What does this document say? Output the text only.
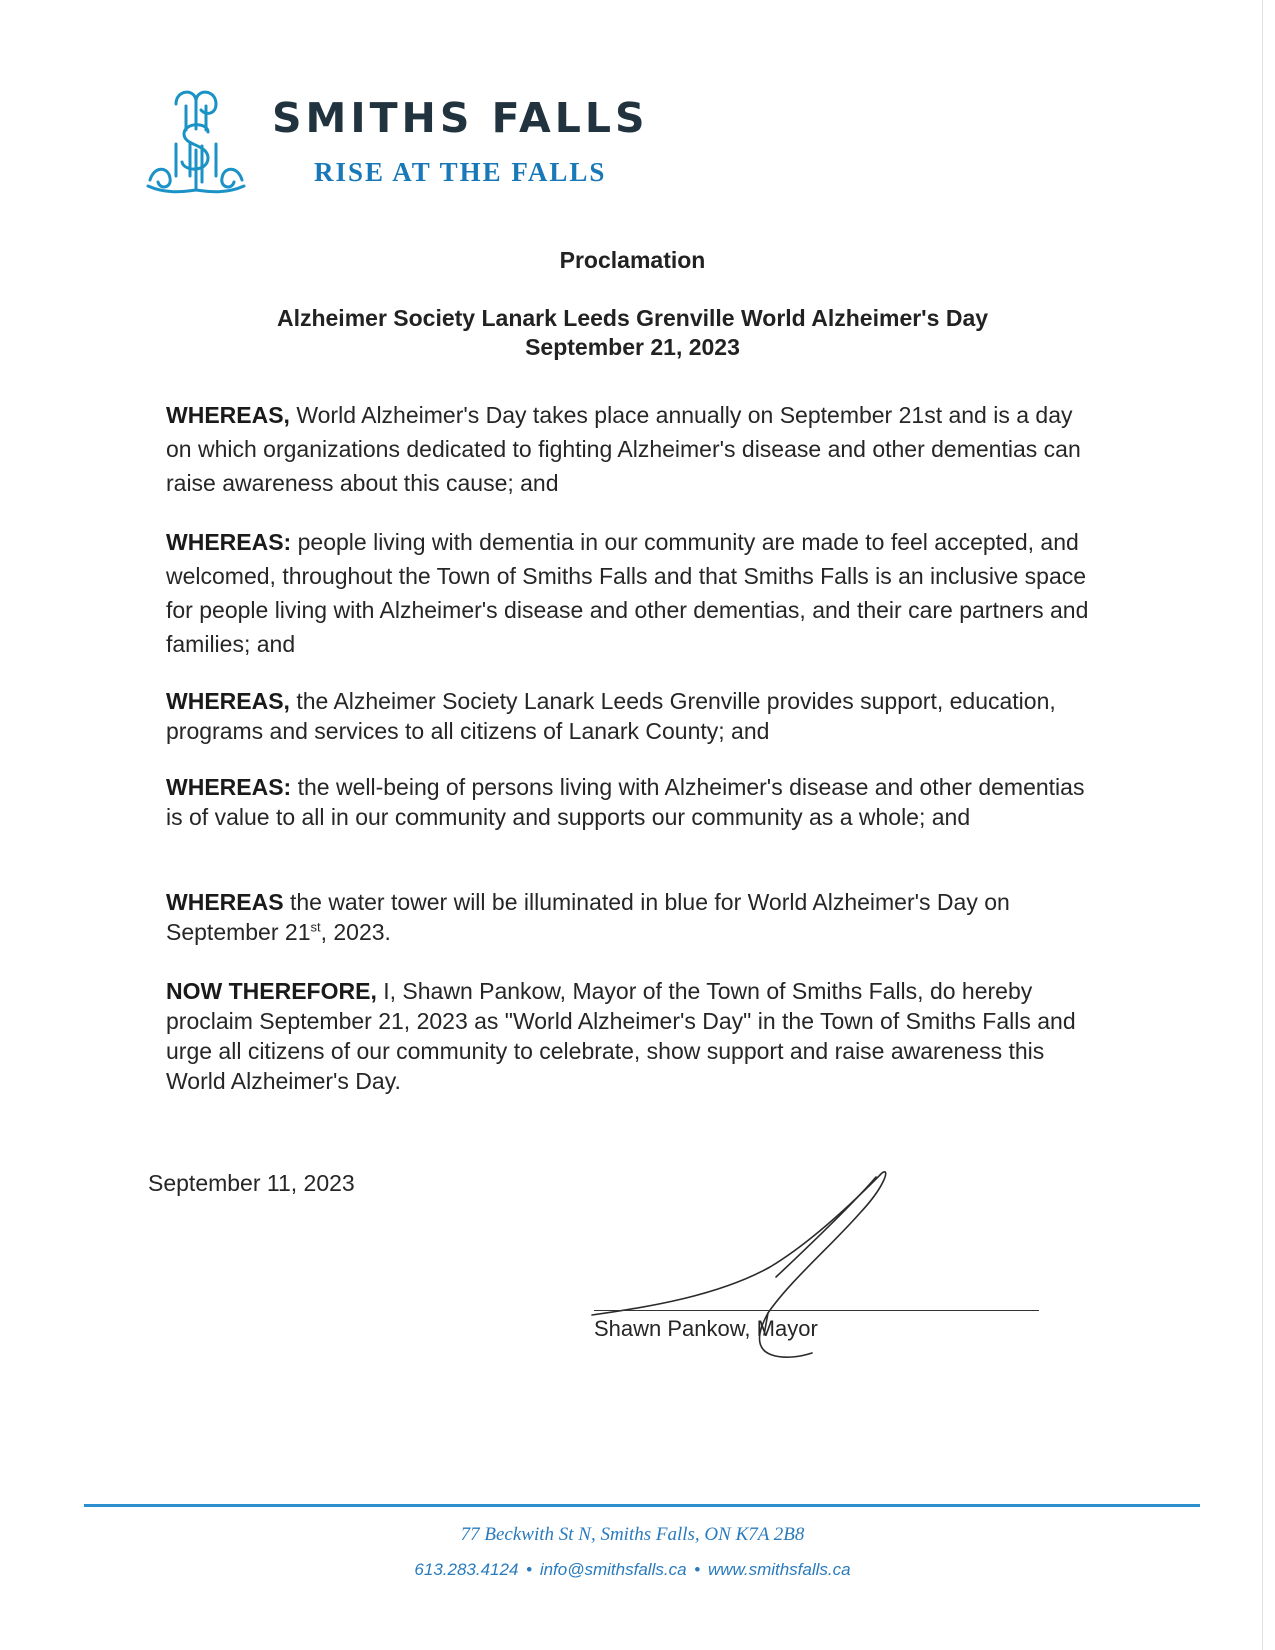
SMITHS FALLS
RISE AT THE FALLS
Proclamation
Alzheimer Society Lanark Leeds Grenville World Alzheimer's Day
September 21, 2023

WHEREAS, World Alzheimer's Day takes place annually on September 21st and is a day on which organizations dedicated to fighting Alzheimer's disease and other dementias can raise awareness about this cause; and

WHEREAS: people living with dementia in our community are made to feel accepted, and welcomed, throughout the Town of Smiths Falls and that Smiths Falls is an inclusive space for people living with Alzheimer's disease and other dementias, and their care partners and families; and

WHEREAS, the Alzheimer Society Lanark Leeds Grenville provides support, education, programs and services to all citizens of Lanark County; and

WHEREAS: the well-being of persons living with Alzheimer's disease and other dementias is of value to all in our community and supports our community as a whole; and

WHEREAS the water tower will be illuminated in blue for World Alzheimer's Day on September 21st, 2023.

NOW THEREFORE, I, Shawn Pankow, Mayor of the Town of Smiths Falls, do hereby proclaim September 21, 2023 as "World Alzheimer's Day" in the Town of Smiths Falls and urge all citizens of our community to celebrate, show support and raise awareness this World Alzheimer's Day.

September 11, 2023
Shawn Pankow, Mayor
77 Beckwith St N, Smiths Falls, ON K7A 2B8
613.283.4124 • info@smithsfalls.ca • www.smithsfalls.ca
